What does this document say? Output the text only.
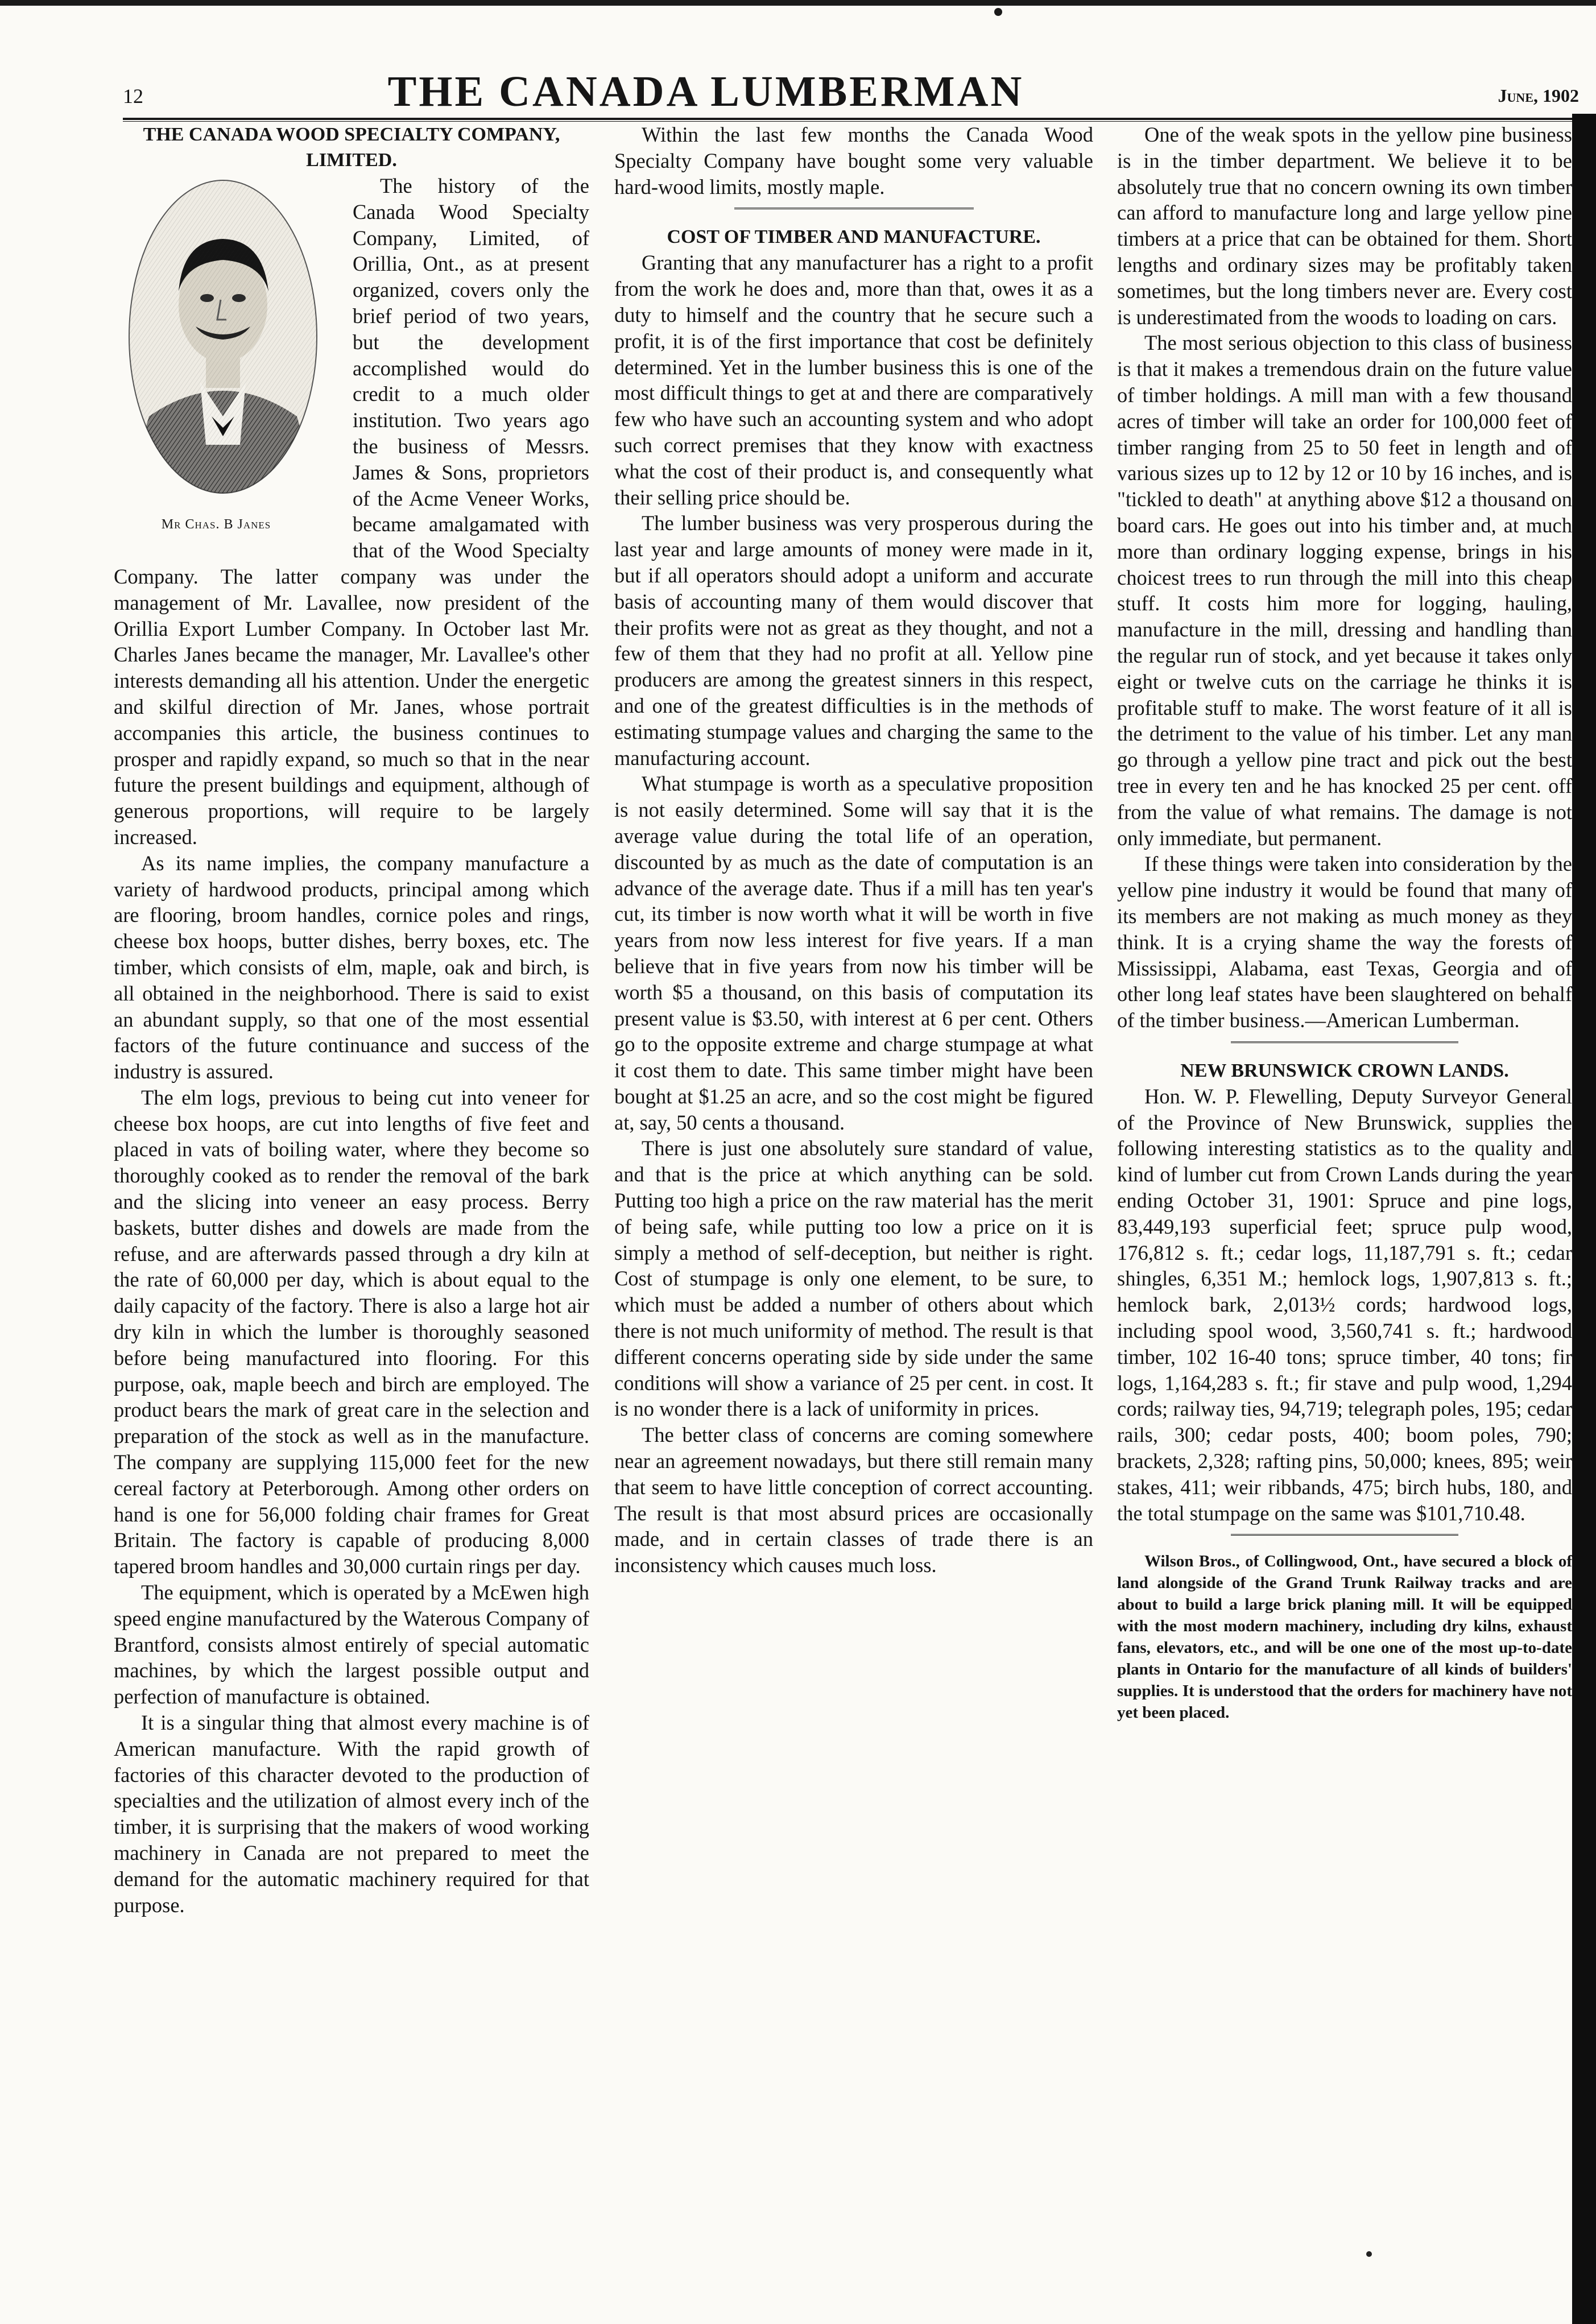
12	THE CANADA LUMBERMAN	June, 1902
THE CANADA WOOD SPECIALTY COMPANY, LIMITED.
Mr Chas. B Janes

The history of the Canada Wood Specialty Company, Limited, of Orillia, Ont., as at present organized, covers only the brief period of two years, but the development accomplished would do credit to a much older institution. Two years ago the business of Messrs. James & Sons, proprietors of the Acme Veneer Works, became amalgamated with that of the Wood Specialty Company. The latter company was under the management of Mr. Lavallee, now president of the Orillia Export Lumber Company. In October last Mr. Charles Janes became the manager, Mr. Lavallee's other interests demanding all his attention. Under the energetic and skilful direction of Mr. Janes, whose portrait accompanies this article, the business continues to prosper and rapidly expand, so much so that in the near future the present buildings and equipment, although of generous proportions, will require to be largely increased.

As its name implies, the company manufacture a variety of hardwood products, principal among which are flooring, broom handles, cornice poles and rings, cheese box hoops, butter dishes, berry boxes, etc. The timber, which consists of elm, maple, oak and birch, is all obtained in the neighborhood. There is said to exist an abundant supply, so that one of the most essential factors of the future continuance and success of the industry is assured.

The elm logs, previous to being cut into veneer for cheese box hoops, are cut into lengths of five feet and placed in vats of boiling water, where they become so thoroughly cooked as to render the removal of the bark and the slicing into veneer an easy process. Berry baskets, butter dishes and dowels are made from the refuse, and are afterwards passed through a dry kiln at the rate of 60,000 per day, which is about equal to the daily capacity of the factory. There is also a large hot air dry kiln in which the lumber is thoroughly seasoned before being manufactured into flooring. For this purpose, oak, maple beech and birch are employed. The product bears the mark of great care in the selection and preparation of the stock as well as in the manufacture. The company are supplying 115,000 feet for the new cereal factory at Peterborough. Among other orders on hand is one for 56,000 folding chair frames for Great Britain. The factory is capable of producing 8,000 tapered broom handles and 30,000 curtain rings per day.

The equipment, which is operated by a McEwen high speed engine manufactured by the Waterous Company of Brantford, consists almost entirely of special automatic machines, by which the largest possible output and perfection of manufacture is obtained.

It is a singular thing that almost every machine is of American manufacture. With the rapid growth of factories of this character devoted to the production of specialties and the utilization of almost every inch of the timber, it is surprising that the makers of wood working machinery in Canada are not prepared to meet the demand for the automatic machinery required for that purpose.

Within the last few months the Canada Wood Specialty Company have bought some very valuable hard-wood limits, mostly maple.

COST OF TIMBER AND MANUFACTURE.

Granting that any manufacturer has a right to a profit from the work he does and, more than that, owes it as a duty to himself and the country that he secure such a profit, it is of the first importance that cost be definitely determined. Yet in the lumber business this is one of the most difficult things to get at and there are comparatively few who have such an accounting system and who adopt such correct premises that they know with exactness what the cost of their product is, and consequently what their selling price should be.

The lumber business was very prosperous during the last year and large amounts of money were made in it, but if all operators should adopt a uniform and accurate basis of accounting many of them would discover that their profits were not as great as they thought, and not a few of them that they had no profit at all. Yellow pine producers are among the greatest sinners in this respect, and one of the greatest difficulties is in the methods of estimating stumpage values and charging the same to the manufacturing account.

What stumpage is worth as a speculative proposition is not easily determined. Some will say that it is the average value during the total life of an operation, discounted by as much as the date of computation is an advance of the average date. Thus if a mill has ten year's cut, its timber is now worth what it will be worth in five years from now less interest for five years. If a man believe that in five years from now his timber will be worth $5 a thousand, on this basis of computation its present value is $3.50, with interest at 6 per cent. Others go to the opposite extreme and charge stumpage at what it cost them to date. This same timber might have been bought at $1.25 an acre, and so the cost might be figured at, say, 50 cents a thousand.

There is just one absolutely sure standard of value, and that is the price at which anything can be sold. Putting too high a price on the raw material has the merit of being safe, while putting too low a price on it is simply a method of self-deception, but neither is right. Cost of stumpage is only one element, to be sure, to which must be added a number of others about which there is not much uniformity of method. The result is that different concerns operating side by side under the same conditions will show a variance of 25 per cent. in cost. It is no wonder there is a lack of uniformity in prices.

The better class of concerns are coming somewhere near an agreement nowadays, but there still remain many that seem to have little conception of correct accounting. The result is that most absurd prices are occasionally made, and in certain classes of trade there is an inconsistency which causes much loss.

One of the weak spots in the yellow pine business is in the timber department. We believe it to be absolutely true that no concern owning its own timber can afford to manufacture long and large yellow pine timbers at a price that can be obtained for them. Short lengths and ordinary sizes may be profitably taken sometimes, but the long timbers never are. Every cost is underestimated from the woods to loading on cars.

The most serious objection to this class of business is that it makes a tremendous drain on the future value of timber holdings. A mill man with a few thousand acres of timber will take an order for 100,000 feet of timber ranging from 25 to 50 feet in length and of various sizes up to 12 by 12 or 10 by 16 inches, and is "tickled to death" at anything above $12 a thousand on board cars. He goes out into his timber and, at much more than ordinary logging expense, brings in his choicest trees to run through the mill into this cheap stuff. It costs him more for logging, hauling, manufacture in the mill, dressing and handling than the regular run of stock, and yet because it takes only eight or twelve cuts on the carriage he thinks it is profitable stuff to make. The worst feature of it all is the detriment to the value of his timber. Let any man go through a yellow pine tract and pick out the best tree in every ten and he has knocked 25 per cent. off from the value of what remains. The damage is not only immediate, but permanent.

If these things were taken into consideration by the yellow pine industry it would be found that many of its members are not making as much money as they think. It is a crying shame the way the forests of Mississippi, Alabama, east Texas, Georgia and of other long leaf states have been slaughtered on behalf of the timber business.—American Lumberman.

NEW BRUNSWICK CROWN LANDS.

Hon. W. P. Flewelling, Deputy Surveyor General of the Province of New Brunswick, supplies the following interesting statistics as to the quality and kind of lumber cut from Crown Lands during the year ending October 31, 1901: Spruce and pine logs, 83,449,193 superficial feet; spruce pulp wood, 176,812 s. ft.; cedar logs, 11,187,791 s. ft.; cedar shingles, 6,351 M.; hemlock logs, 1,907,813 s. ft.; hemlock bark, 2,013½ cords; hardwood logs, including spool wood, 3,560,741 s. ft.; hardwood timber, 102 16-40 tons; spruce timber, 40 tons; fir logs, 1,164,283 s. ft.; fir stave and pulp wood, 1,294 cords; railway ties, 94,719; telegraph poles, 195; cedar rails, 300; cedar posts, 400; boom poles, 790; brackets, 2,328; rafting pins, 50,000; knees, 895; weir stakes, 411; weir ribbands, 475; birch hubs, 180, and the total stumpage on the same was $101,710.48.

Wilson Bros., of Collingwood, Ont., have secured a block of land alongside of the Grand Trunk Railway tracks and are about to build a large brick planing mill. It will be equipped with the most modern machinery, including dry kilns, exhaust fans, elevators, etc., and will be one one of the most up-to-date plants in Ontario for the manufacture of all kinds of builders' supplies. It is understood that the orders for machinery have not yet been placed.
